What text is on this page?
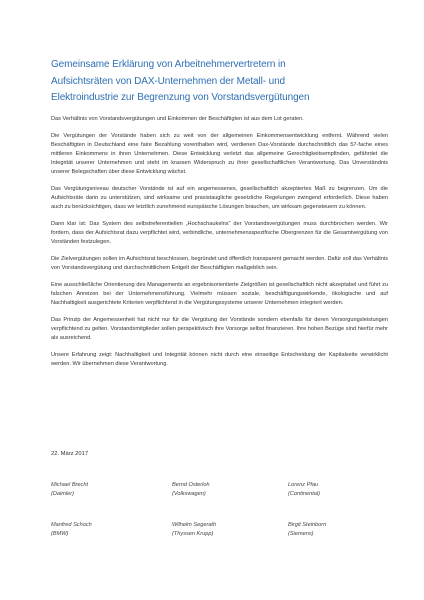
Gemeinsame Erklärung von Arbeitnehmervertretern in
Aufsichtsräten von DAX-Unternehmen der Metall- und
Elektroindustrie zur Begrenzung von Vorstandsvergütungen

Das Verhältnis von Vorstandsvergütungen und Einkommen der Beschäftigten ist aus dem Lot geraten.

Die Vergütungen der Vorstände haben sich zu weit von der allgemeinen Einkommensentwicklung entfernt. Während vielen Beschäftigten in Deutschland eine faire Bezahlung vorenthalten wird, verdienen Dax-Vorstände durchschnittlich das 57-fache eines mittleren Einkommens in ihren Unternehmen. Diese Entwicklung verletzt das allgemeine Gerechtigkeitsempfinden, gefährdet die Integrität unserer Unternehmen und steht im krassen Widerspruch zu ihrer gesellschaftlichen Verantwortung. Das Unverständnis unserer Belegschaften über diese Entwicklung wächst.

Das Vergütungsniveau deutscher Vorstände ist auf ein angemessenes, gesellschaftlich akzeptiertes Maß zu begrenzen. Um die Aufsichtsräte darin zu unterstützen, sind wirksame und praxistaugliche gesetzliche Regelungen zwingend erforderlich. Diese haben auch zu berücksichtigen, dass wir letztlich zunehmend europäische Lösungen brauchen, um wirksam gegensteuern zu können.

Dann klar ist: Das System des selbstreferentiellen „Hochschaukelns“ der Vorstandsvergütungen muss durchbrochen werden. Wir fordern, dass der Aufsichtsrat dazu verpflichtet wird, verbindliche, unternehmensspezifische Obergrenzen für die Gesamtvergütung von Vorständen festzulegen.

Die Zielvergütungen sollen im Aufsichtsrat beschlossen, begründet und öffentlich transparent gemacht werden. Dafür soll das Verhältnis von Vorstandsvergütung und durchschnittlichem Entgelt der Beschäftigten maßgeblich sein.

Eine ausschließliche Orientierung des Managements an ergebnisorientierte Zielgrößen ist gesellschaftlich nicht akzeptabel und führt zu falschen Anreizen bei der Unternehmensführung. Vielmehr müssen soziale, beschäftigungswirkende, ökologische und auf Nachhaltigkeit ausgerichtete Kriterien verpflichtend in die Vergütungssysteme unserer Unternehmen integriert werden.

Das Prinzip der Angemessenheit hat nicht nur für die Vergütung der Vorstände sondern ebenfalls für deren Versorgungsleistungen verpflichtend zu gelten. Vorstandsmitglieder sollen perspektivisch ihre Vorsorge selbst finanzieren. Ihre hohen Bezüge sind hierfür mehr als ausreichend.

Unsere Erfahrung zeigt: Nachhaltigkeit und Integrität können nicht durch eine einseitige Entscheidung der Kapitalseite verwirklicht werden. Wir übernehmen diese Verantwortung.

22. März 2017
Michael Brecht
(Daimler)
Bernd Osterloh
(Volkswagen)
Lorenz Pfau
(Continental)
Manfred Schoch
(BMW)
Wilhelm Segerath
(Thyssen Krupp)
Birgit Steinborn
(Siemens)
